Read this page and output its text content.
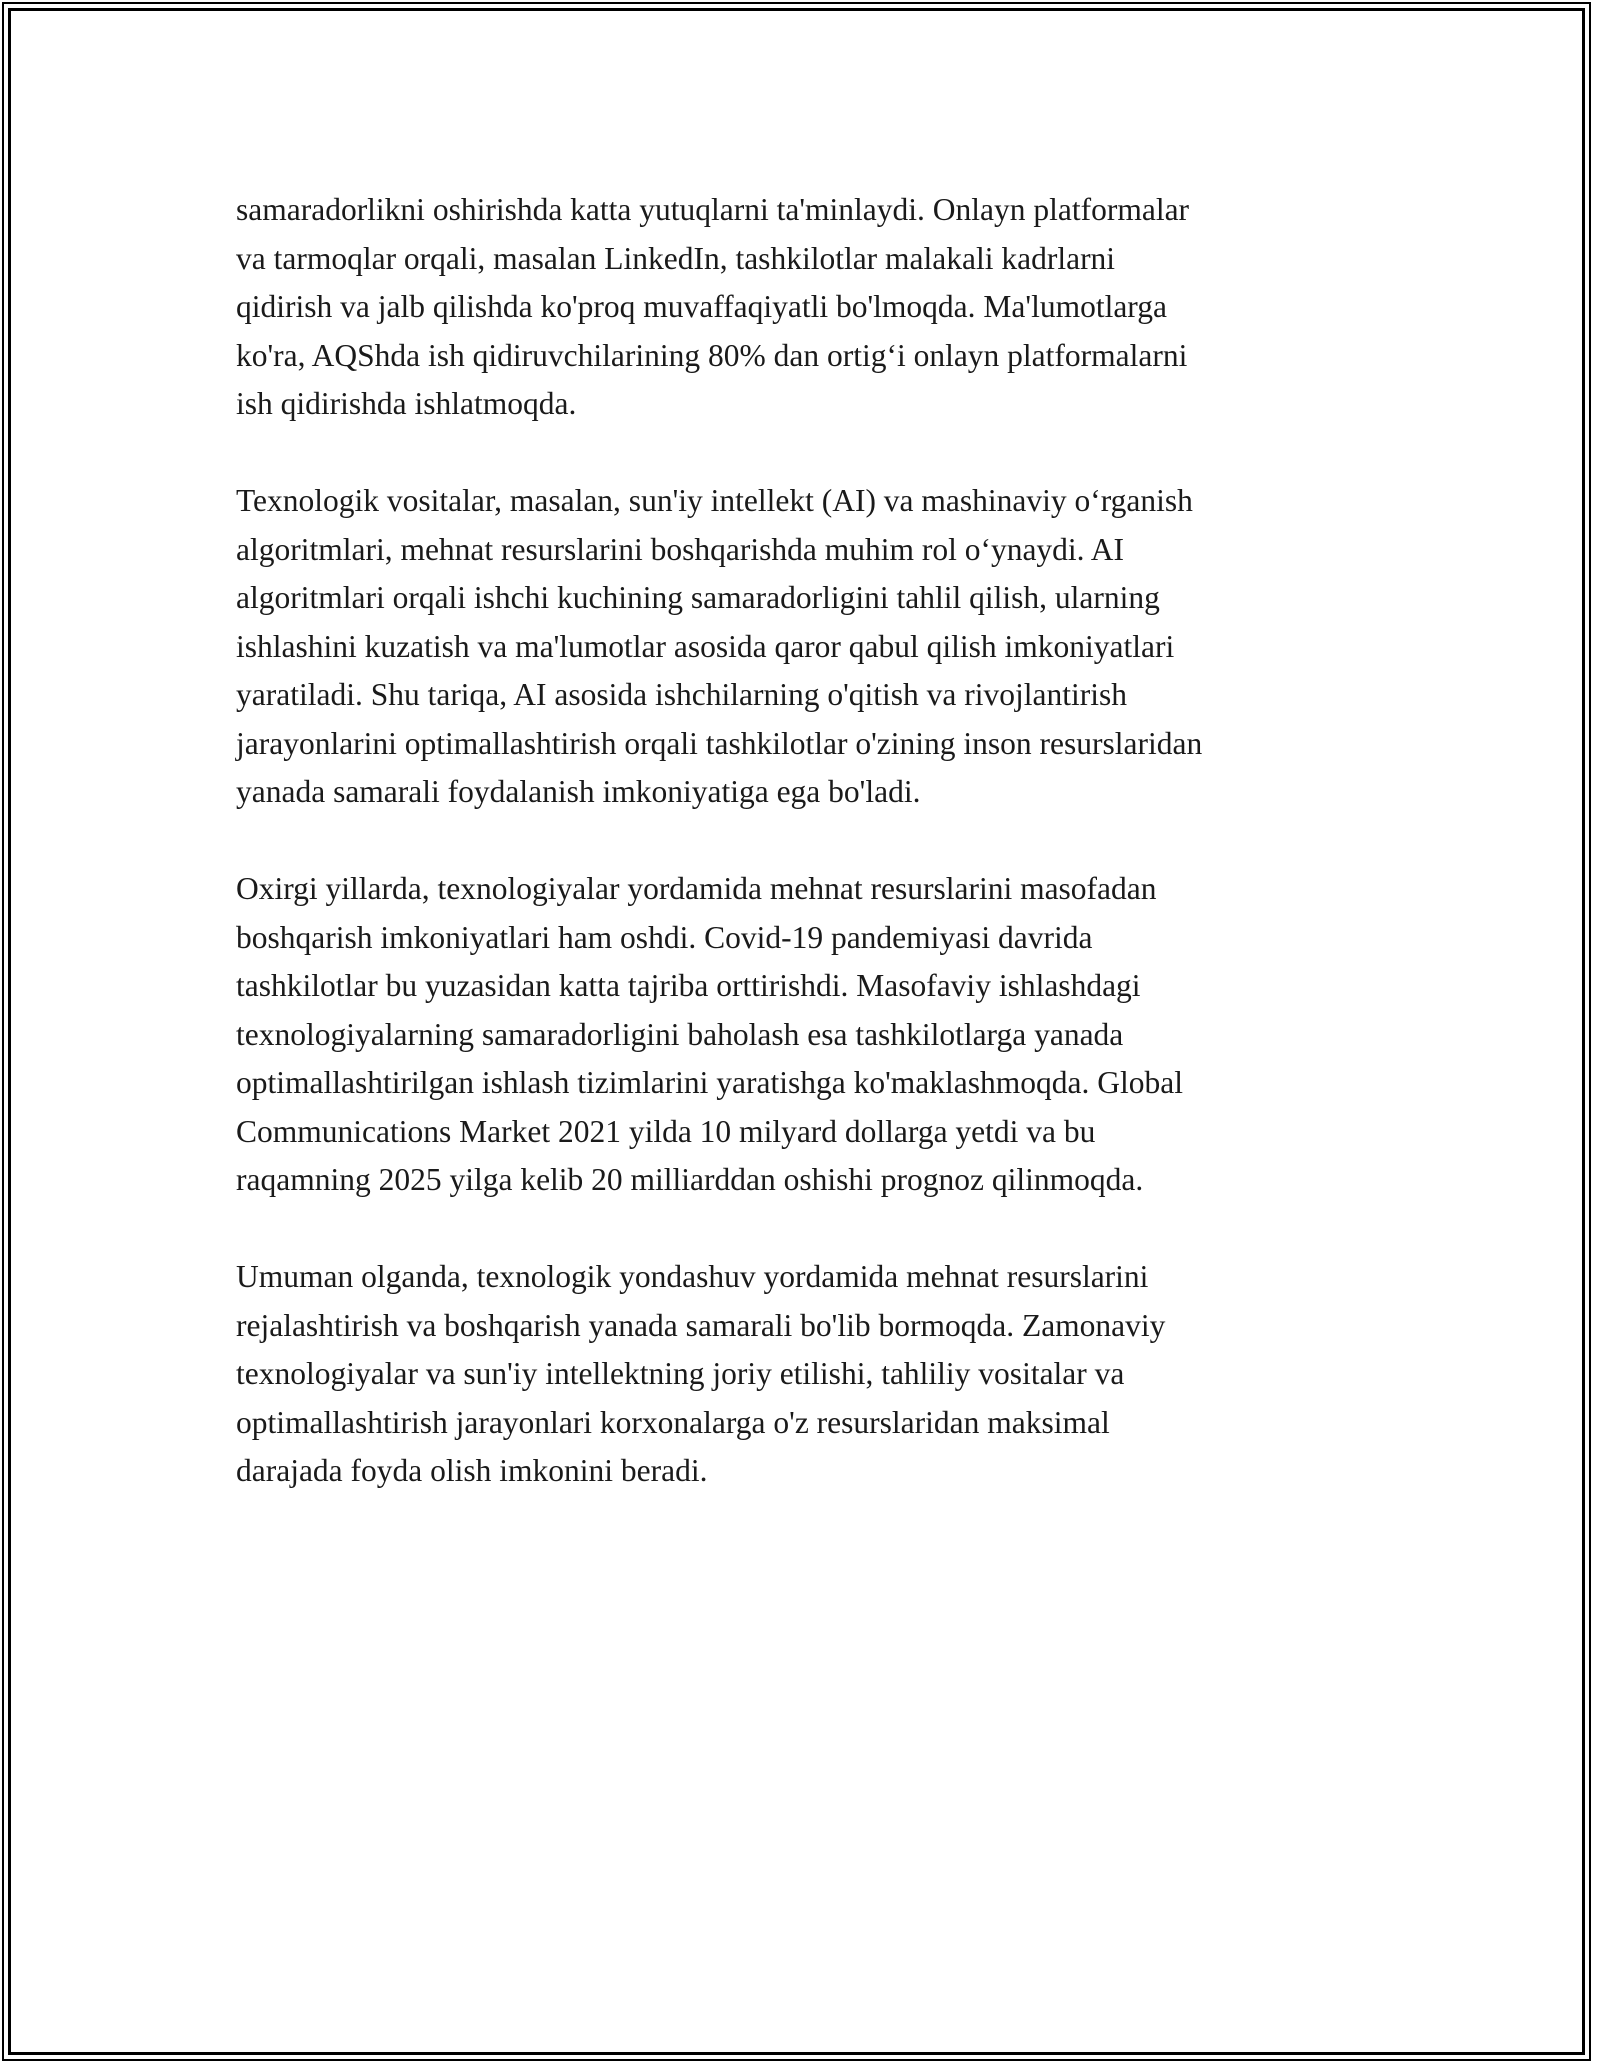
samaradorlikni oshirishda katta yutuqlarni ta'minlaydi. Onlayn platformalar
va tarmoqlar orqali, masalan LinkedIn, tashkilotlar malakali kadrlarni
qidirish va jalb qilishda ko'proq muvaffaqiyatli bo'lmoqda. Ma'lumotlarga
ko'ra, AQShda ish qidiruvchilarining 80% dan ortig‘i onlayn platformalarni
ish qidirishda ishlatmoqda.

Texnologik vositalar, masalan, sun'iy intellekt (AI) va mashinaviy o‘rganish
algoritmlari, mehnat resurslarini boshqarishda muhim rol o‘ynaydi. AI
algoritmlari orqali ishchi kuchining samaradorligini tahlil qilish, ularning
ishlashini kuzatish va ma'lumotlar asosida qaror qabul qilish imkoniyatlari
yaratiladi. Shu tariqa, AI asosida ishchilarning o'qitish va rivojlantirish
jarayonlarini optimallashtirish orqali tashkilotlar o'zining inson resurslaridan
yanada samarali foydalanish imkoniyatiga ega bo'ladi.

Oxirgi yillarda, texnologiyalar yordamida mehnat resurslarini masofadan
boshqarish imkoniyatlari ham oshdi. Covid-19 pandemiyasi davrida
tashkilotlar bu yuzasidan katta tajriba orttirishdi. Masofaviy ishlashdagi
texnologiyalarning samaradorligini baholash esa tashkilotlarga yanada
optimallashtirilgan ishlash tizimlarini yaratishga ko'maklashmoqda. Global
Communications Market 2021 yilda 10 milyard dollarga yetdi va bu
raqamning 2025 yilga kelib 20 milliarddan oshishi prognoz qilinmoqda.

Umuman olganda, texnologik yondashuv yordamida mehnat resurslarini
rejalashtirish va boshqarish yanada samarali bo'lib bormoqda. Zamonaviy
texnologiyalar va sun'iy intellektning joriy etilishi, tahliliy vositalar va
optimallashtirish jarayonlari korxonalarga o'z resurslaridan maksimal
darajada foyda olish imkonini beradi.
